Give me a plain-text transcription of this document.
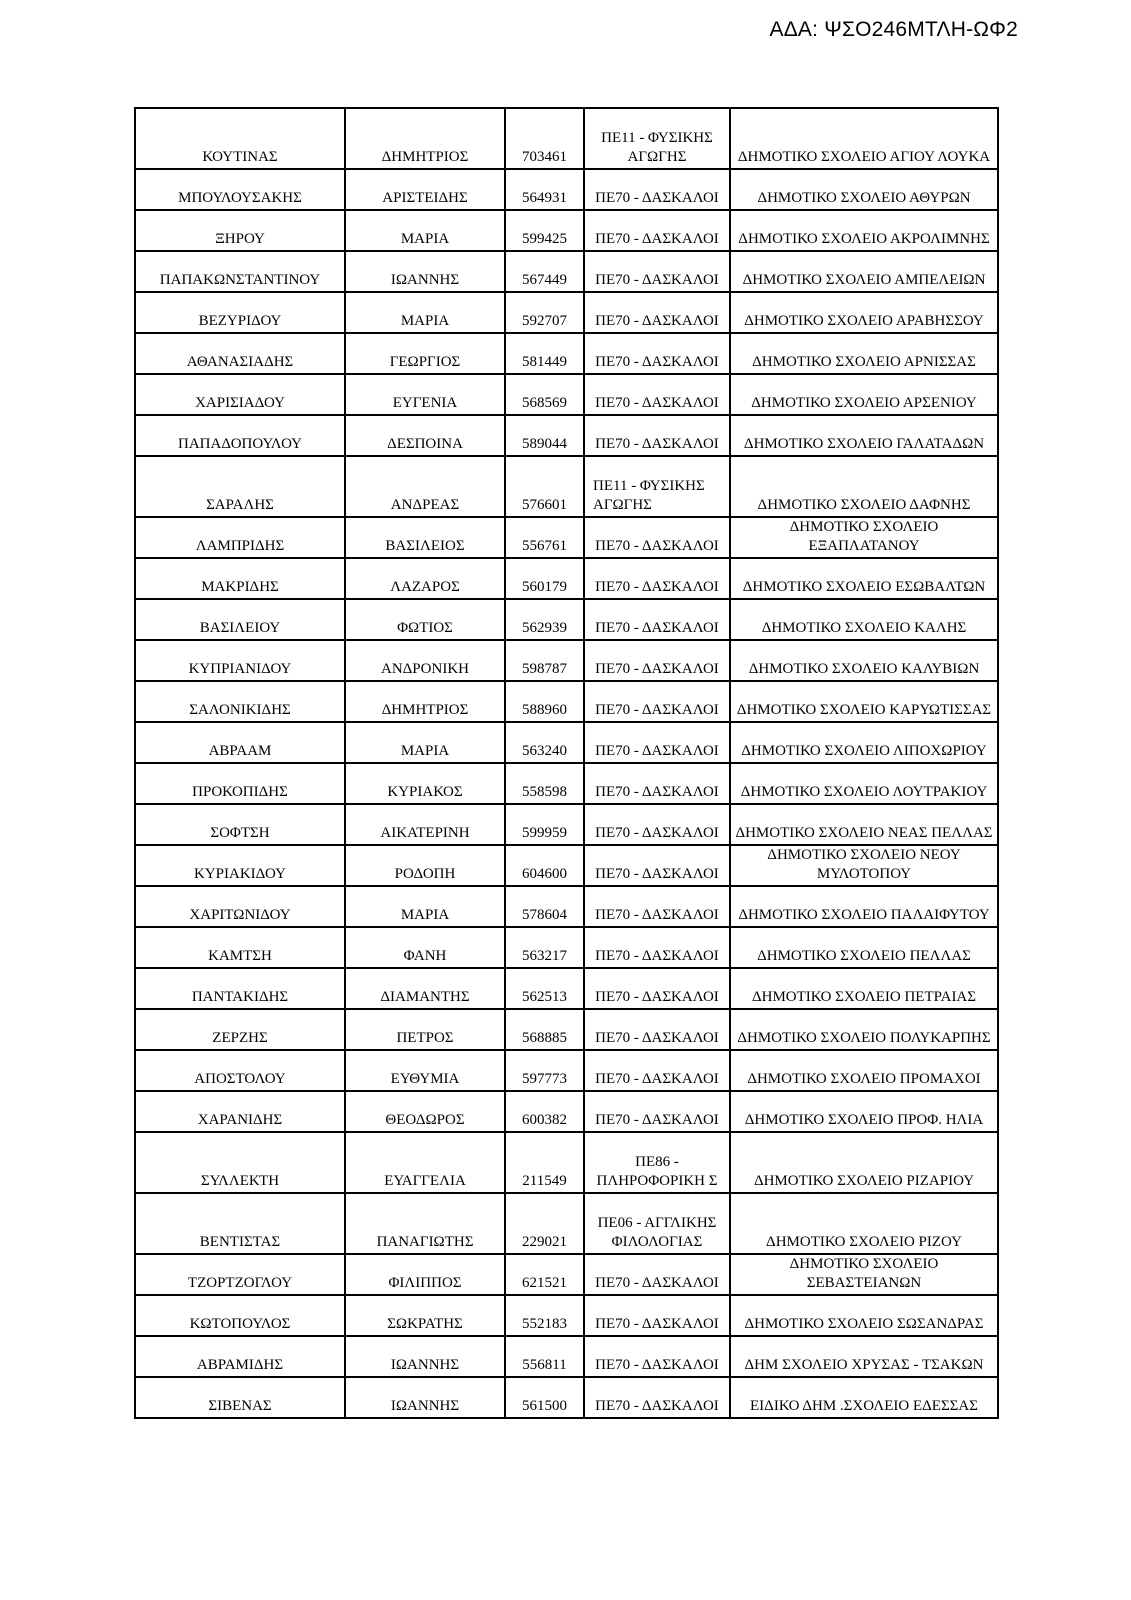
ΑΔΑ: ΨΣΟ246ΜΤΛΗ-ΩΦ2
ΚΟΥΤΙΝΑΣ	ΔΗΜΗΤΡΙΟΣ	703461	ΠΕ11 - ΦΥΣΙΚΗΣ ΑΓΩΓΗΣ	ΔΗΜΟΤΙΚΟ ΣΧΟΛΕΙΟ ΑΓΙΟΥ ΛΟΥΚΑ
ΜΠΟΥΛΟΥΣΑΚΗΣ	ΑΡΙΣΤΕΙΔΗΣ	564931	ΠΕ70 - ΔΑΣΚΑΛΟΙ	ΔΗΜΟΤΙΚΟ ΣΧΟΛΕΙΟ ΑΘΥΡΩΝ
ΞΗΡΟΥ	ΜΑΡΙΑ	599425	ΠΕ70 - ΔΑΣΚΑΛΟΙ	ΔΗΜΟΤΙΚΟ ΣΧΟΛΕΙΟ ΑΚΡΟΛΙΜΝΗΣ
ΠΑΠΑΚΩΝΣΤΑΝΤΙΝΟΥ	ΙΩΑΝΝΗΣ	567449	ΠΕ70 - ΔΑΣΚΑΛΟΙ	ΔΗΜΟΤΙΚΟ ΣΧΟΛΕΙΟ ΑΜΠΕΛΕΙΩΝ
ΒΕΖΥΡΙΔΟΥ	ΜΑΡΙΑ	592707	ΠΕ70 - ΔΑΣΚΑΛΟΙ	ΔΗΜΟΤΙΚΟ ΣΧΟΛΕΙΟ ΑΡΑΒΗΣΣΟΥ
ΑΘΑΝΑΣΙΑΔΗΣ	ΓΕΩΡΓΙΟΣ	581449	ΠΕ70 - ΔΑΣΚΑΛΟΙ	ΔΗΜΟΤΙΚΟ ΣΧΟΛΕΙΟ ΑΡΝΙΣΣΑΣ
ΧΑΡΙΣΙΑΔΟΥ	ΕΥΓΕΝΙΑ	568569	ΠΕ70 - ΔΑΣΚΑΛΟΙ	ΔΗΜΟΤΙΚΟ ΣΧΟΛΕΙΟ ΑΡΣΕΝΙΟΥ
ΠΑΠΑΔΟΠΟΥΛΟΥ	ΔΕΣΠΟΙΝΑ	589044	ΠΕ70 - ΔΑΣΚΑΛΟΙ	ΔΗΜΟΤΙΚΟ ΣΧΟΛΕΙΟ ΓΑΛΑΤΑΔΩΝ
ΣΑΡΑΛΗΣ	ΑΝΔΡΕΑΣ	576601	ΠΕ11 - ΦΥΣΙΚΗΣ ΑΓΩΓΗΣ	ΔΗΜΟΤΙΚΟ ΣΧΟΛΕΙΟ ΔΑΦΝΗΣ
ΛΑΜΠΡΙΔΗΣ	ΒΑΣΙΛΕΙΟΣ	556761	ΠΕ70 - ΔΑΣΚΑΛΟΙ	ΔΗΜΟΤΙΚΟ ΣΧΟΛΕΙΟ ΕΞΑΠΛΑΤΑΝΟΥ
ΜΑΚΡΙΔΗΣ	ΛΑΖΑΡΟΣ	560179	ΠΕ70 - ΔΑΣΚΑΛΟΙ	ΔΗΜΟΤΙΚΟ ΣΧΟΛΕΙΟ ΕΣΩΒΑΛΤΩΝ
ΒΑΣΙΛΕΙΟΥ	ΦΩΤΙΟΣ	562939	ΠΕ70 - ΔΑΣΚΑΛΟΙ	ΔΗΜΟΤΙΚΟ ΣΧΟΛΕΙΟ ΚΑΛΗΣ
ΚΥΠΡΙΑΝΙΔΟΥ	ΑΝΔΡΟΝΙΚΗ	598787	ΠΕ70 - ΔΑΣΚΑΛΟΙ	ΔΗΜΟΤΙΚΟ ΣΧΟΛΕΙΟ ΚΑΛΥΒΙΩΝ
ΣΑΛΟΝΙΚΙΔΗΣ	ΔΗΜΗΤΡΙΟΣ	588960	ΠΕ70 - ΔΑΣΚΑΛΟΙ	ΔΗΜΟΤΙΚΟ ΣΧΟΛΕΙΟ ΚΑΡΥΩΤΙΣΣΑΣ
ΑΒΡΑΑΜ	ΜΑΡΙΑ	563240	ΠΕ70 - ΔΑΣΚΑΛΟΙ	ΔΗΜΟΤΙΚΟ ΣΧΟΛΕΙΟ ΛΙΠΟΧΩΡΙΟΥ
ΠΡΟΚΟΠΙΔΗΣ	ΚΥΡΙΑΚΟΣ	558598	ΠΕ70 - ΔΑΣΚΑΛΟΙ	ΔΗΜΟΤΙΚΟ ΣΧΟΛΕΙΟ ΛΟΥΤΡΑΚΙΟΥ
ΣΟΦΤΣΗ	ΑΙΚΑΤΕΡΙΝΗ	599959	ΠΕ70 - ΔΑΣΚΑΛΟΙ	ΔΗΜΟΤΙΚΟ ΣΧΟΛΕΙΟ ΝΕΑΣ ΠΕΛΛΑΣ
ΚΥΡΙΑΚΙΔΟΥ	ΡΟΔΟΠΗ	604600	ΠΕ70 - ΔΑΣΚΑΛΟΙ	ΔΗΜΟΤΙΚΟ ΣΧΟΛΕΙΟ ΝΕΟΥ ΜΥΛΟΤΟΠΟΥ
ΧΑΡΙΤΩΝΙΔΟΥ	ΜΑΡΙΑ	578604	ΠΕ70 - ΔΑΣΚΑΛΟΙ	ΔΗΜΟΤΙΚΟ ΣΧΟΛΕΙΟ ΠΑΛΑΙΦΥΤΟΥ
ΚΑΜΤΣΗ	ΦΑΝΗ	563217	ΠΕ70 - ΔΑΣΚΑΛΟΙ	ΔΗΜΟΤΙΚΟ ΣΧΟΛΕΙΟ ΠΕΛΛΑΣ
ΠΑΝΤΑΚΙΔΗΣ	ΔΙΑΜΑΝΤΗΣ	562513	ΠΕ70 - ΔΑΣΚΑΛΟΙ	ΔΗΜΟΤΙΚΟ ΣΧΟΛΕΙΟ ΠΕΤΡΑΙΑΣ
ΖΕΡΖΗΣ	ΠΕΤΡΟΣ	568885	ΠΕ70 - ΔΑΣΚΑΛΟΙ	ΔΗΜΟΤΙΚΟ ΣΧΟΛΕΙΟ ΠΟΛΥΚΑΡΠΗΣ
ΑΠΟΣΤΟΛΟΥ	ΕΥΘΥΜΙΑ	597773	ΠΕ70 - ΔΑΣΚΑΛΟΙ	ΔΗΜΟΤΙΚΟ ΣΧΟΛΕΙΟ ΠΡΟΜΑΧΟΙ
ΧΑΡΑΝΙΔΗΣ	ΘΕΟΔΩΡΟΣ	600382	ΠΕ70 - ΔΑΣΚΑΛΟΙ	ΔΗΜΟΤΙΚΟ ΣΧΟΛΕΙΟ ΠΡΟΦ. ΗΛΙΑ
ΣΥΛΛΕΚΤΗ	ΕΥΑΓΓΕΛΙΑ	211549	ΠΕ86 - ΠΛΗΡΟΦΟΡΙΚΗ Σ	ΔΗΜΟΤΙΚΟ ΣΧΟΛΕΙΟ ΡΙΖΑΡΙΟΥ
ΒΕΝΤΙΣΤΑΣ	ΠΑΝΑΓΙΩΤΗΣ	229021	ΠΕ06 - ΑΓΓΛΙΚΗΣ ΦΙΛΟΛΟΓΙΑΣ	ΔΗΜΟΤΙΚΟ ΣΧΟΛΕΙΟ ΡΙΖΟΥ
ΤΖΟΡΤΖΟΓΛΟΥ	ΦΙΛΙΠΠΟΣ	621521	ΠΕ70 - ΔΑΣΚΑΛΟΙ	ΔΗΜΟΤΙΚΟ ΣΧΟΛΕΙΟ ΣΕΒΑΣΤΕΙΑΝΩΝ
ΚΩΤΟΠΟΥΛΟΣ	ΣΩΚΡΑΤΗΣ	552183	ΠΕ70 - ΔΑΣΚΑΛΟΙ	ΔΗΜΟΤΙΚΟ ΣΧΟΛΕΙΟ ΣΩΣΑΝΔΡΑΣ
ΑΒΡΑΜΙΔΗΣ	ΙΩΑΝΝΗΣ	556811	ΠΕ70 - ΔΑΣΚΑΛΟΙ	ΔΗΜ ΣΧΟΛΕΙΟ ΧΡΥΣΑΣ - ΤΣΑΚΩΝ
ΣΙΒΕΝΑΣ	ΙΩΑΝΝΗΣ	561500	ΠΕ70 - ΔΑΣΚΑΛΟΙ	ΕΙΔΙΚΟ ΔΗΜ .ΣΧΟΛΕΙΟ ΕΔΕΣΣΑΣ
